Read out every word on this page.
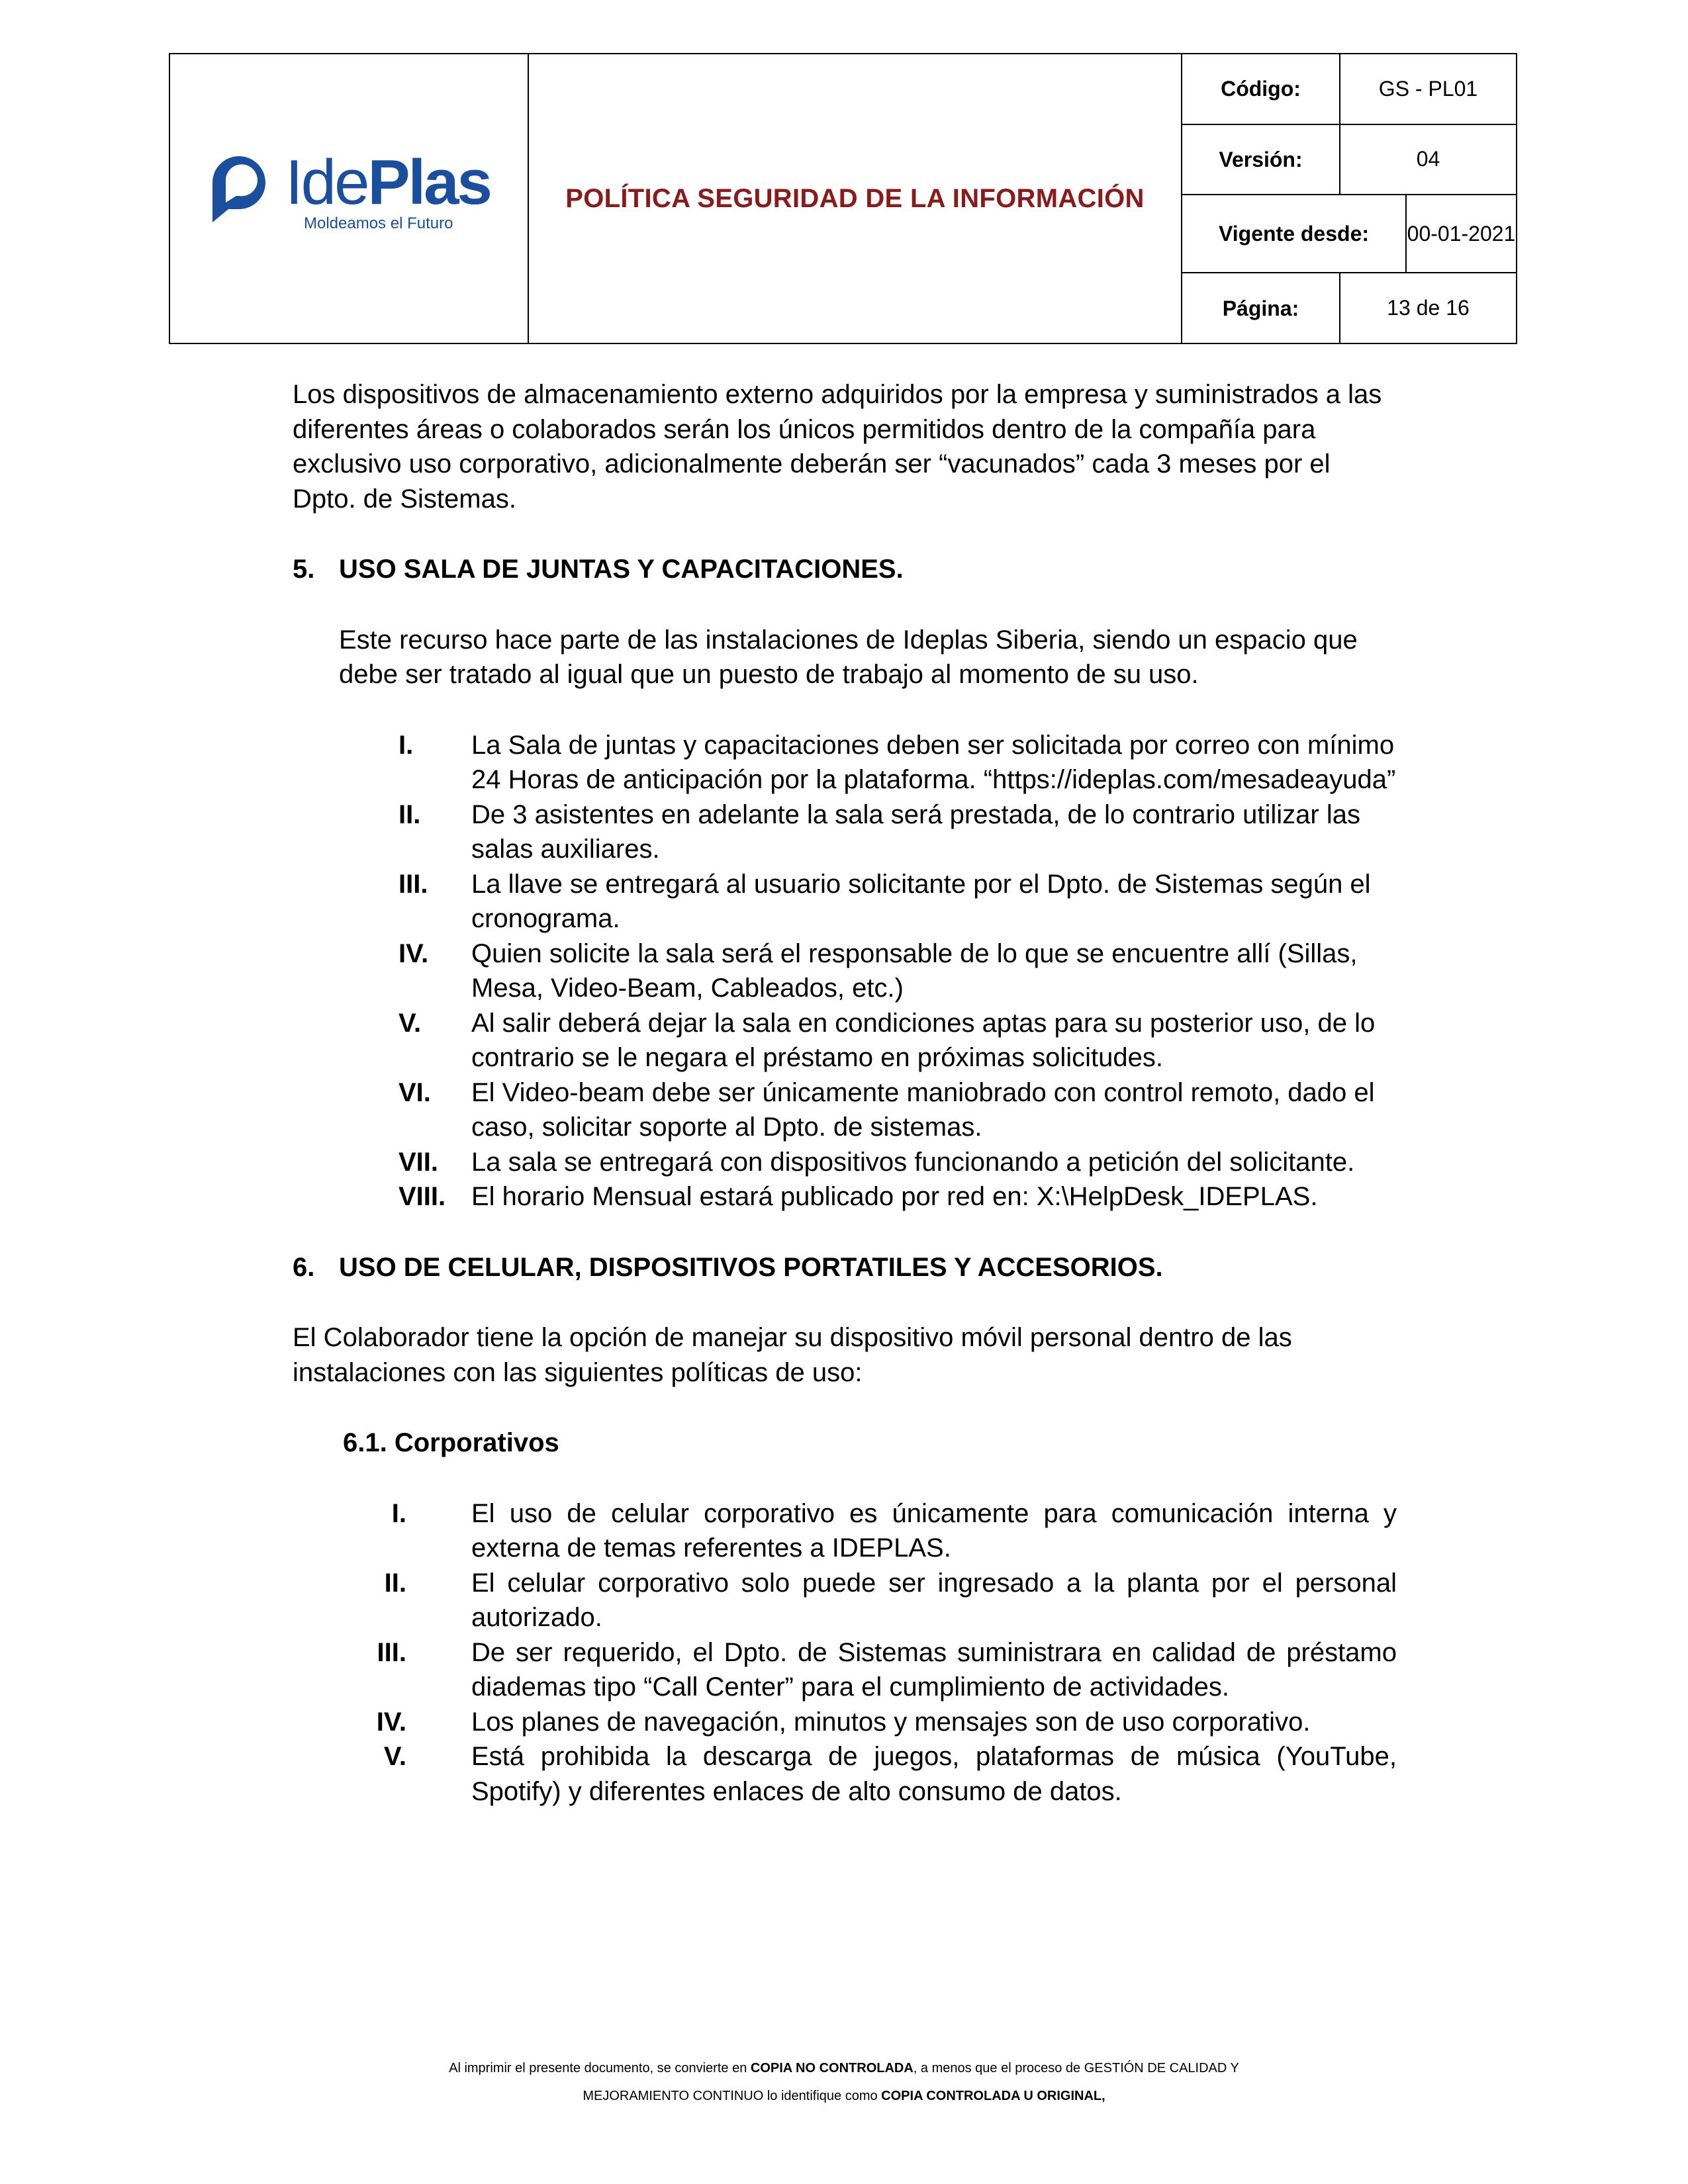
IdePlas
Moldeamos el Futuro
POLÍTICA SEGURIDAD DE LA INFORMACIÓN
Código:	GS - PL01
Versión:	04
Vigente desde:	00-01-2021
Página:	13 de 16

Los dispositivos de almacenamiento externo adquiridos por la empresa y suministrados a las diferentes áreas o colaborados serán los únicos permitidos dentro de la compañía para exclusivo uso corporativo, adicionalmente deberán ser “vacunados” cada 3 meses por el Dpto. de Sistemas.

5. USO SALA DE JUNTAS Y CAPACITACIONES.

Este recurso hace parte de las instalaciones de Ideplas Siberia, siendo un espacio que debe ser tratado al igual que un puesto de trabajo al momento de su uso.

I. La Sala de juntas y capacitaciones deben ser solicitada por correo con mínimo 24 Horas de anticipación por la plataforma. “https://ideplas.com/mesadeayuda”
II. De 3 asistentes en adelante la sala será prestada, de lo contrario utilizar las salas auxiliares.
III. La llave se entregará al usuario solicitante por el Dpto. de Sistemas según el cronograma.
IV. Quien solicite la sala será el responsable de lo que se encuentre allí (Sillas, Mesa, Video-Beam, Cableados, etc.)
V. Al salir deberá dejar la sala en condiciones aptas para su posterior uso, de lo contrario se le negara el préstamo en próximas solicitudes.
VI. El Video-beam debe ser únicamente maniobrado con control remoto, dado el caso, solicitar soporte al Dpto. de sistemas.
VII. La sala se entregará con dispositivos funcionando a petición del solicitante.
VIII. El horario Mensual estará publicado por red en: X:\HelpDesk_IDEPLAS.
6. USO DE CELULAR, DISPOSITIVOS PORTATILES Y ACCESORIOS.

El Colaborador tiene la opción de manejar su dispositivo móvil personal dentro de las instalaciones con las siguientes políticas de uso:

6.1. Corporativos
I. El uso de celular corporativo es únicamente para comunicación interna y externa de temas referentes a IDEPLAS.
II. El celular corporativo solo puede ser ingresado a la planta por el personal autorizado.
III. De ser requerido, el Dpto. de Sistemas suministrara en calidad de préstamo diademas tipo “Call Center” para el cumplimiento de actividades.
IV. Los planes de navegación, minutos y mensajes son de uso corporativo.
V. Está prohibida la descarga de juegos, plataformas de música (YouTube, Spotify) y diferentes enlaces de alto consumo de datos.
Al imprimir el presente documento, se convierte en COPIA NO CONTROLADA, a menos que el proceso de GESTIÓN DE CALIDAD Y
MEJORAMIENTO CONTINUO lo identifique como COPIA CONTROLADA U ORIGINAL,
